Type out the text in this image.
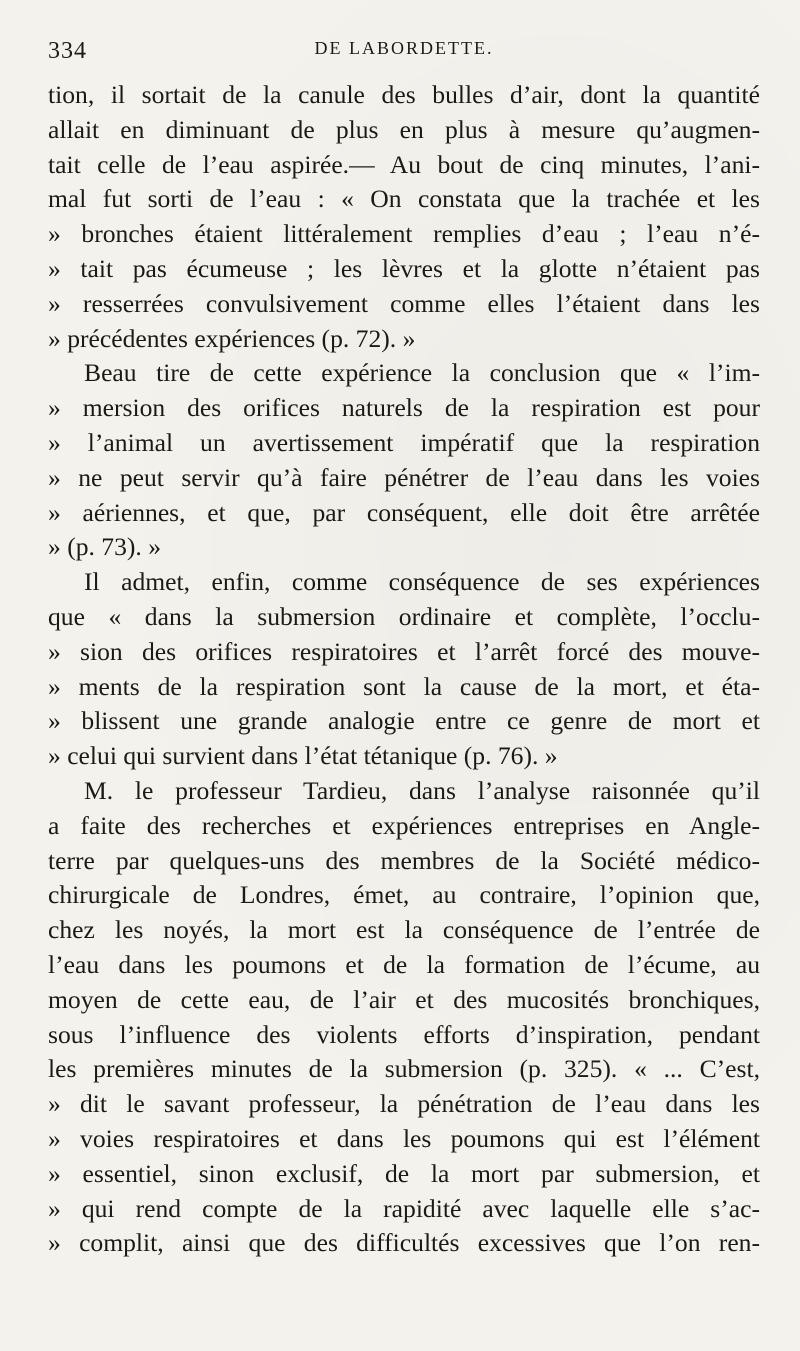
334	DE LABORDETTE.
tion, il sortait de la canule des bulles d’air, dont la quantité
allait en diminuant de plus en plus à mesure qu’augmen-
tait celle de l’eau aspirée.— Au bout de cinq minutes, l’ani-
mal fut sorti de l’eau : « On constata que la trachée et les
» bronches étaient littéralement remplies d’eau ; l’eau n’é-
» tait pas écumeuse ; les lèvres et la glotte n’étaient pas
» resserrées convulsivement comme elles l’étaient dans les
» précédentes expériences (p. 72). »
Beau tire de cette expérience la conclusion que « l’im-
» mersion des orifices naturels de la respiration est pour
» l’animal un avertissement impératif que la respiration
» ne peut servir qu’à faire pénétrer de l’eau dans les voies
» aériennes, et que, par conséquent, elle doit être arrêtée
» (p. 73). »
Il admet, enfin, comme conséquence de ses expériences
que « dans la submersion ordinaire et complète, l’occlu-
» sion des orifices respiratoires et l’arrêt forcé des mouve-
» ments de la respiration sont la cause de la mort, et éta-
» blissent une grande analogie entre ce genre de mort et
» celui qui survient dans l’état tétanique (p. 76). »
M. le professeur Tardieu, dans l’analyse raisonnée qu’il
a faite des recherches et expériences entreprises en Angle-
terre par quelques-uns des membres de la Société médico-
chirurgicale de Londres, émet, au contraire, l’opinion que,
chez les noyés, la mort est la conséquence de l’entrée de
l’eau dans les poumons et de la formation de l’écume, au
moyen de cette eau, de l’air et des mucosités bronchiques,
sous l’influence des violents efforts d’inspiration, pendant
les premières minutes de la submersion (p. 325). « ... C’est,
» dit le savant professeur, la pénétration de l’eau dans les
» voies respiratoires et dans les poumons qui est l’élément
» essentiel, sinon exclusif, de la mort par submersion, et
» qui rend compte de la rapidité avec laquelle elle s’ac-
» complit, ainsi que des difficultés excessives que l’on ren-
